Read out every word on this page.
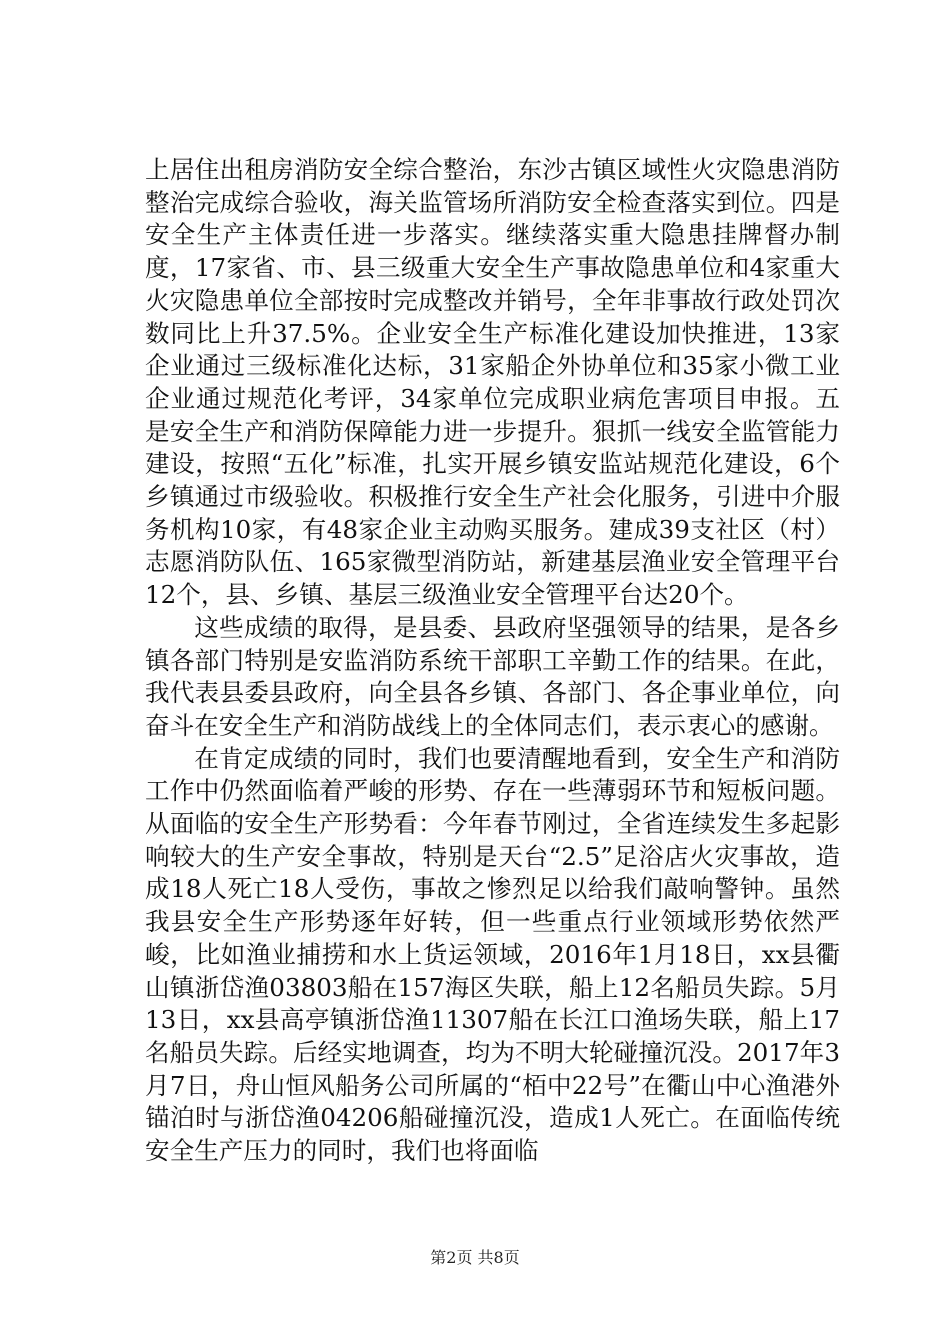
上居住出租房消防安全综合整治，东沙古镇区域性火灾隐患消防整治完成综合验收，海关监管场所消防安全检查落实到位。四是安全生产主体责任进一步落实。继续落实重大隐患挂牌督办制度，17家省、市、县三级重大安全生产事故隐患单位和4家重大火灾隐患单位全部按时完成整改并销号，全年非事故行政处罚次数同比上升37.5%。企业安全生产标准化建设加快推进，13家企业通过三级标准化达标，31家船企外协单位和35家小微工业企业通过规范化考评，34家单位完成职业病危害项目申报。五是安全生产和消防保障能力进一步提升。狠抓一线安全监管能力建设，按照“五化”标准，扎实开展乡镇安监站规范化建设，6个乡镇通过市级验收。积极推行安全生产社会化服务，引进中介服务机构10家，有48家企业主动购买服务。建成39支社区（村）志愿消防队伍、165家微型消防站，新建基层渔业安全管理平台12个，县、乡镇、基层三级渔业安全管理平台达20个。

这些成绩的取得，是县委、县政府坚强领导的结果，是各乡镇各部门特别是安监消防系统干部职工辛勤工作的结果。在此，我代表县委县政府，向全县各乡镇、各部门、各企事业单位，向奋斗在安全生产和消防战线上的全体同志们，表示衷心的感谢。

在肯定成绩的同时，我们也要清醒地看到，安全生产和消防工作中仍然面临着严峻的形势、存在一些薄弱环节和短板问题。从面临的安全生产形势看：今年春节刚过，全省连续发生多起影响较大的生产安全事故，特别是天台“2.5”足浴店火灾事故，造成18人死亡18人受伤，事故之惨烈足以给我们敲响警钟。虽然我县安全生产形势逐年好转，但一些重点行业领域形势依然严峻，比如渔业捕捞和水上货运领域，2016年1月18日，xx县衢山镇浙岱渔03803船在157海区失联，船上12名船员失踪。5月13日，xx县高亭镇浙岱渔11307船在长江口渔场失联，船上17名船员失踪。后经实地调查，均为不明大轮碰撞沉没。2017年3月7日，舟山恒风船务公司所属的“栢中22号”在衢山中心渔港外锚泊时与浙岱渔04206船碰撞沉没，造成1人死亡。在面临传统安全生产压力的同时，我们也将面临

第2页 共8页
